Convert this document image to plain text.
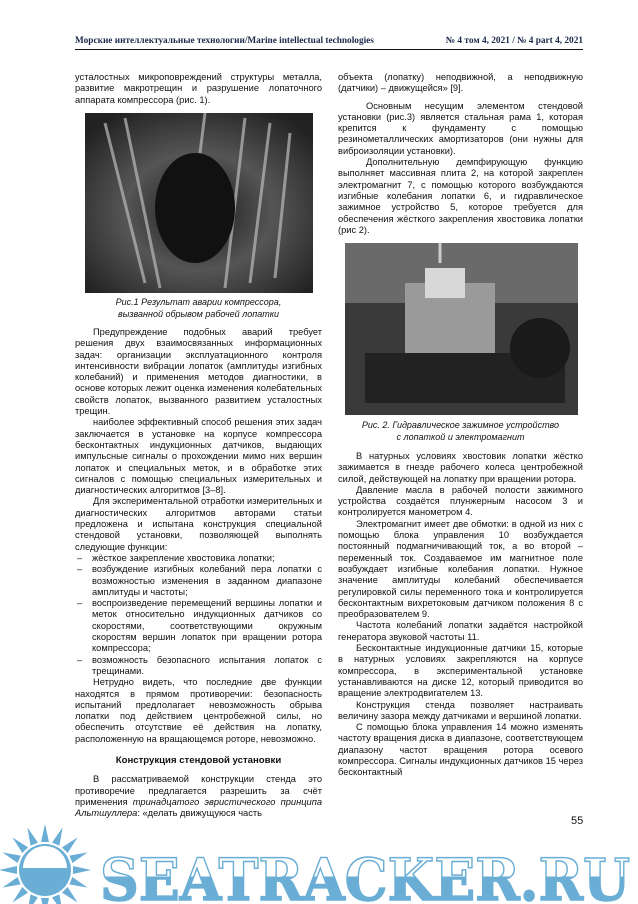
Морские интеллектуальные технологии/Marine intellectual technologies	№ 4 том 4, 2021 / № 4 part 4, 2021

усталостных микроповреждений структуры металла, развитие макротрещин и разрушение лопаточного аппарата компрессора (рис. 1).

Рис.1 Результат аварии компрессора,
вызванной обрывом рабочей лопатки

Предупреждение подобных аварий требует решения двух взаимосвязанных информационных задач: организации эксплуатационного контроля интенсивности вибрации лопаток (амплитуды изгибных колебаний) и применения методов диагностики, в основе которых лежит оценка изменения колебательных свойств лопаток, вызванного развитием усталостных трещин.

наиболее эффективный способ решения этих задач заключается в установке на корпусе компрессора бесконтактных индукционных датчиков, выдающих импульсные сигналы о прохождении мимо них вершин лопаток и специальных меток, и в обработке этих сигналов с помощью специальных измерительных и диагностических алгоритмов [3–8].

Для экспериментальной отработки измерительных и диагностических алгоритмов авторами статьи предложена и испытана конструкция специальной стендовой установки, позволяющей выполнять следующие функции:

– жёсткое закрепление хвостовика лопатки;
– возбуждение изгибных колебаний пера лопатки с возможностью изменения в заданном диапазоне амплитуды и частоты;
– воспроизведение перемещений вершины лопатки и меток относительно индукционных датчиков со скоростями, соответствующими окружным скоростям вершин лопаток при вращении ротора компрессора;
– возможность безопасного испытания лопаток с трещинами.

Нетрудно видеть, что последние две функции находятся в прямом противоречии: безопасность испытаний предлолагает невозможность обрыва лопатки под действием центробежной силы, но обеспечить отсутствие её действия на лопатку, расположенную на вращающемся роторе, невозможно.

Конструкция стендовой установки

В рассматриваемой конструкции стенда это противоречие предлагается разрешить за счёт применения тринадцатого эвристического принципа Альтшуллера: «делать движущуюся часть

объекта (лопатку) неподвижной, а неподвижную (датчики) – движущейся» [9].

Основным несущим элементом стендовой установки (рис.3) является стальная рама 1, которая крепится к фундаменту с помощью резинометаллических амортизаторов (они нужны для виброизоляции установки).

Дополнительную демпфирующую функцию выполняет массивная плита 2, на которой закреплен электромагнит 7, с помощью которого возбуждаются изгибные колебания лопатки 6, и гидравлическое зажимное устройство 5, которое требуется для обеспечения жёсткого закрепления хвостовика лопатки (рис 2).

Рис. 2. Гидравлическое зажимное устройство
с лопаткой и электромагнит

В натурных условиях хвостовик лопатки жёстко зажимается в гнезде рабочего колеса центробежной силой, действующей на лопатку при вращении ротора.

Давление масла в рабочей полости зажимного устройства создаётся плунжерным насосом 3 и контролируется манометром 4.

Электромагнит имеет две обмотки: в одной из них с помощью блока управления 10 возбуждается постоянный подмагничивающий ток, а во второй – переменный ток. Создаваемое им магнитное поле возбуждает изгибные колебания лопатки. Нужное значение амплитуды колебаний обеспечивается регулировкой силы переменного тока и контролируется бесконтактным вихретоковым датчиком положения 8 с преобразователем 9.

Частота колебаний лопатки задаётся настройкой генератора звуковой частоты 11.

Бесконтактные индукционные датчики 15, которые в натурных условиях закрепляются на корпусе компрессора, в экспериментальной установке устанавливаются на диске 12, который приводится во вращение электродвигателем 13.

Конструкция стенда позволяет настраивать величину зазора между датчиками и вершиной лопатки.

С помощью блока управления 14 можно изменять частоту вращения диска в диапазоне, соответствующем диапазону частот вращения ротора осевого компрессора. Сигналы индукционных датчиков 15 через бесконтактный

SEATRACKER.RU
55
